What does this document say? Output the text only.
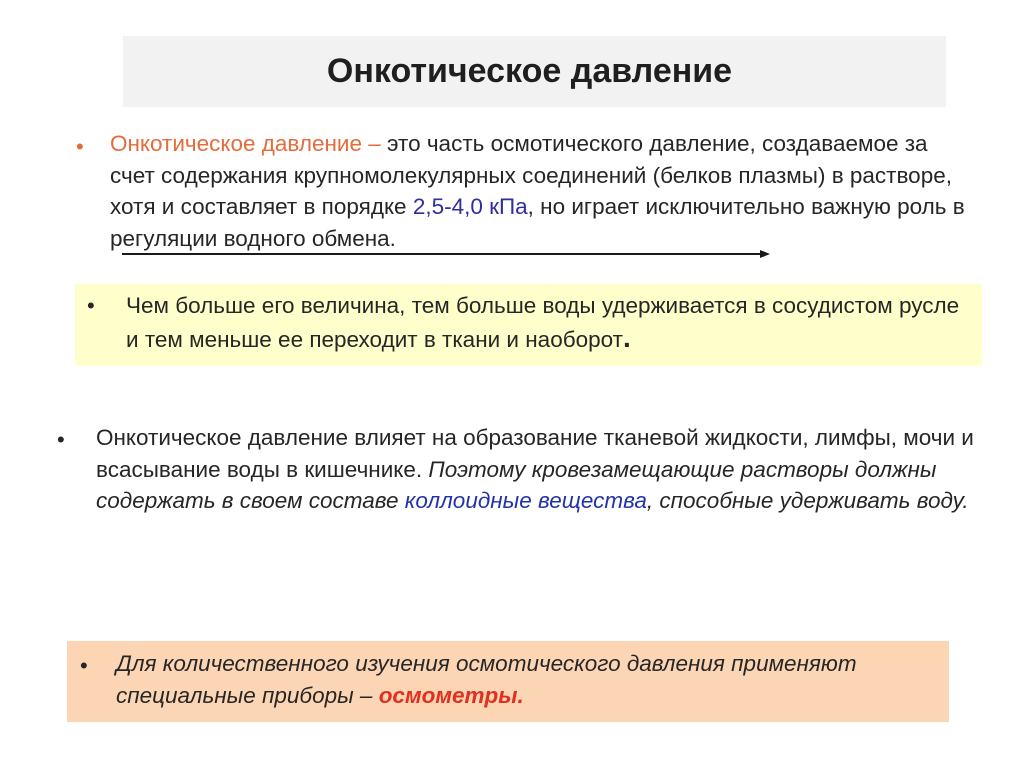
Онкотическое давление
• Онкотическое давление – это часть осмотического давление, создаваемое за счет содержания крупномолекулярных соединений (белков плазмы) в растворе, хотя и составляет в порядке 2,5-4,0 кПа, но играет исключительно важную роль в регуляции водного обмена.
• Чем больше его величина, тем больше воды удерживается в сосудистом русле и тем меньше ее переходит в ткани и наоборот.
• Онкотическое давление влияет на образование тканевой жидкости, лимфы, мочи и всасывание воды в кишечнике. Поэтому кровезамещающие растворы должны содержать в своем составе коллоидные вещества, способные удерживать воду.
• Для количественного изучения осмотического давления применяют специальные приборы – осмометры.
